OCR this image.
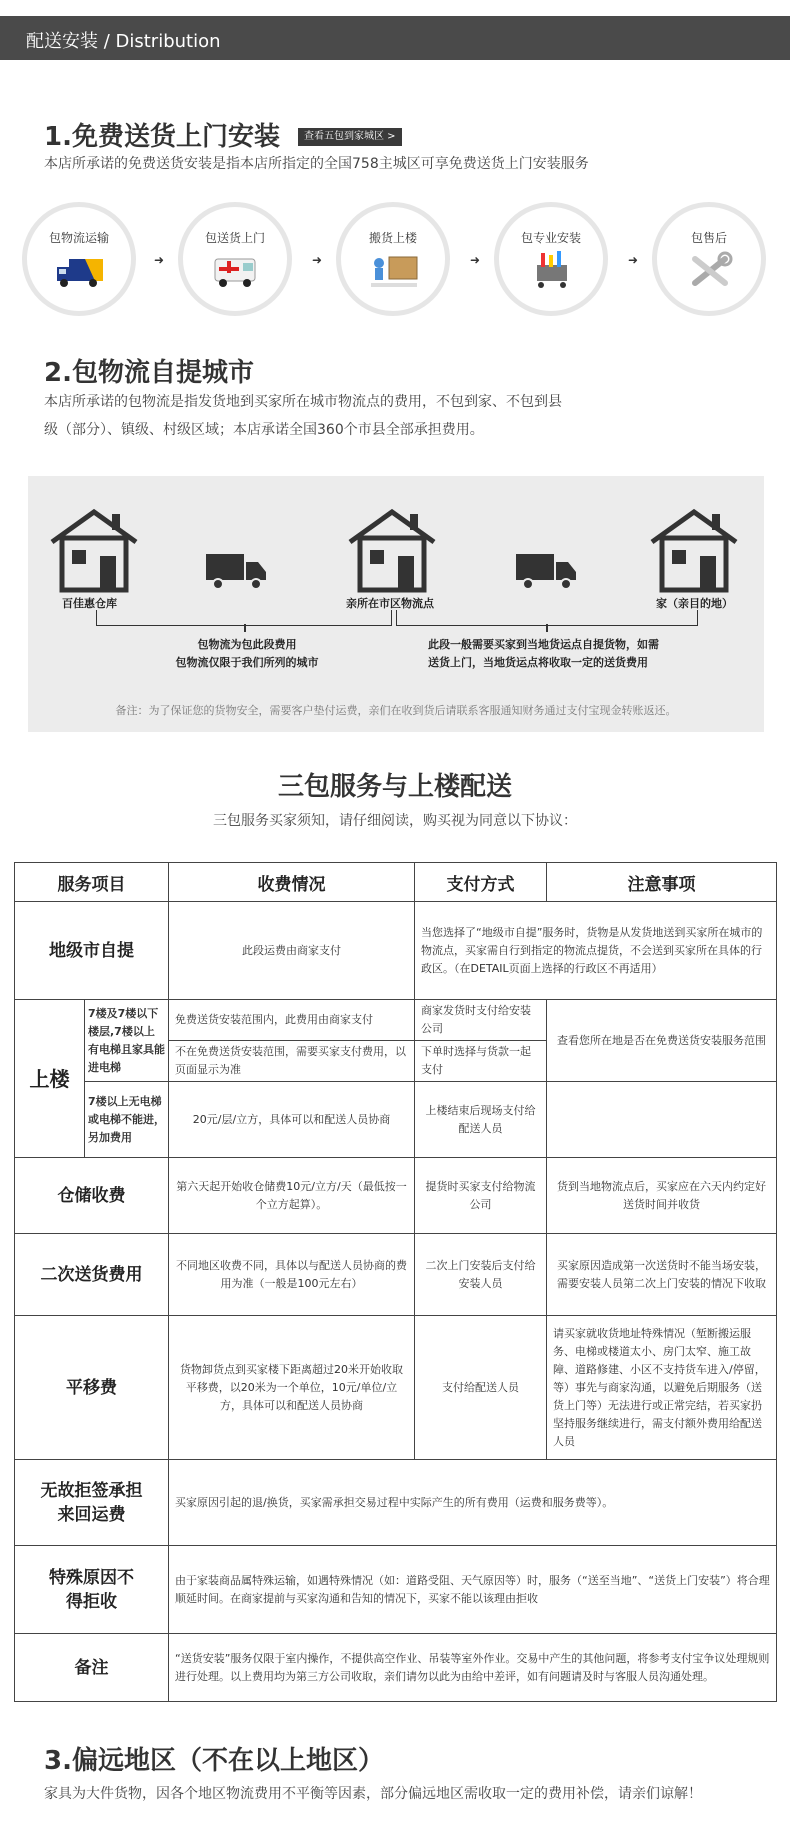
配送安装 / Distribution
1.免费送货上门安装	查看五包到家城区 >
本店所承诺的免费送货安装是指本店所指定的全国758主城区可享免费送货上门安装服务
包物流运输
➜
包送货上门
➜
搬货上楼
➜
包专业安装
➜
包售后
2.包物流自提城市
本店所承诺的包物流是指发货地到买家所在城市物流点的费用，不包到家、不包到县
级（部分）、镇级、村级区域；本店承诺全国360个市县全部承担费用。
备注：为了保证您的货物安全，需要客户垫付运费，亲们在收到货后请联系客服通知财务通过支付宝现金转账返还。
百佳惠仓库	亲所在市区物流点	家（亲目的地）
包物流为包此段费用
包物流仅限于我们所列的城市
此段一般需要买家到当地货运点自提货物，如需
送货上门，当地货运点将收取一定的送货费用
三包服务与上楼配送
三包服务买家须知，请仔细阅读，购买视为同意以下协议：
服务项目		收费情况	支付方式	注意事项
地级市自提		此段运费由商家支付	当您选择了“地级市自提”服务时，货物是从发货地送到买家所在城市的物流点，买家需自行到指定的物流点提货，不会送到买家所在具体的行政区。（在DETAIL页面上选择的行政区不再适用）	
上楼	7楼及7楼以下楼层,7楼以上有电梯且家具能进电梯	免费送货安装范围内，此费用由商家支付	商家发货时支付给安装公司	查看您所在地是否在免费送货安装服务范围
		不在免费送货安装范围，需要买家支付费用，以页面显示为准	下单时选择与货款一起支付	
	7楼以上无电梯或电梯不能进，另加费用	20元/层/立方，具体可以和配送人员协商	上楼结束后现场支付给配送人员	
仓储收费		第六天起开始收仓储费10元/立方/天（最低按一个立方起算）。	提货时买家支付给物流公司	货到当地物流点后，买家应在六天内约定好送货时间并收货
二次送货费用		不同地区收费不同，具体以与配送人员协商的费用为准（一般是100元左右）	二次上门安装后支付给安装人员	买家原因造成第一次送货时不能当场安装，需要安装人员第二次上门安装的情况下收取
平移费		货物卸货点到买家楼下距离超过20米开始收取平移费，以20米为一个单位，10元/单位/立方，具体可以和配送人员协商	支付给配送人员	请买家就收货地址特殊情况（堑断搬运服务、电梯或楼道太小、房门太窄、施工故障、道路修建、小区不支持货车进入/停留，等）事先与商家沟通，以避免后期服务（送货上门等）无法进行或正常完结，若买家扔坚持服务继续进行，需支付额外费用给配送人员
无故拒签承担来回运费		买家原因引起的退/换货，买家需承担交易过程中实际产生的所有费用（运费和服务费等）。		
特殊原因不得拒收		由于家装商品属特殊运输，如遇特殊情况（如：道路受阻、天气原因等）时，服务（“送至当地”、“送货上门安装”）将合理顺延时间。在商家提前与买家沟通和告知的情况下，买家不能以该理由拒收		
备注		“送货安装”服务仅限于室内操作，不提供高空作业、吊装等室外作业。交易中产生的其他问题，将参考支付宝争议处理规则进行处理。以上费用均为第三方公司收取，亲们请勿以此为由给中差评，如有问题请及时与客服人员沟通处理。		
3.偏远地区（不在以上地区）
家具为大件货物，因各个地区物流费用不平衡等因素，部分偏远地区需收取一定的费用补偿，请亲们谅解！
